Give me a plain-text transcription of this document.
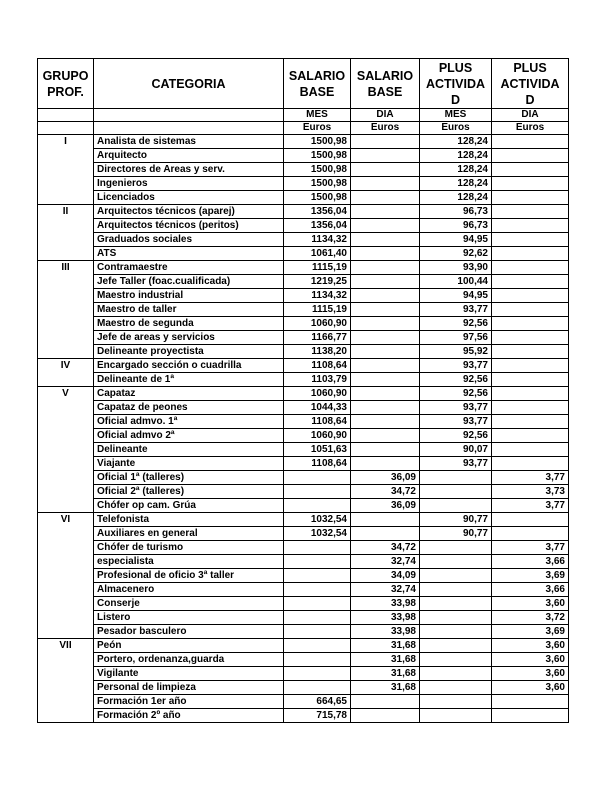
GRUPO PROF.	CATEGORIA	SALARIO BASE	SALARIO BASE	PLUS ACTIVIDA D	PLUS ACTIVIDA D
		MES	DIA	MES	DIA
		Euros	Euros	Euros	Euros
I	Analista de sistemas	1500,98		128,24	
	Arquitecto	1500,98		128,24	
	Directores de Areas y serv.	1500,98		128,24	
	Ingenieros	1500,98		128,24	
	Licenciados	1500,98		128,24	
II	Arquitectos técnicos (aparej)	1356,04		96,73	
	Arquitectos técnicos (peritos)	1356,04		96,73	
	Graduados sociales	1134,32		94,95	
	ATS	1061,40		92,62	
III	Contramaestre	1115,19		93,90	
	Jefe Taller (foac.cualificada)	1219,25		100,44	
	Maestro industrial	1134,32		94,95	
	Maestro de taller	1115,19		93,77	
	Maestro de segunda	1060,90		92,56	
	Jefe de areas y servicios	1166,77		97,56	
	Delineante proyectista	1138,20		95,92	
IV	Encargado sección o cuadrilla	1108,64		93,77	
	Delineante de 1ª	1103,79		92,56	
V	Capataz	1060,90		92,56	
	Capataz de peones	1044,33		93,77	
	Oficial admvo. 1ª	1108,64		93,77	
	Oficial admvo 2ª	1060,90		92,56	
	Delineante	1051,63		90,07	
	Viajante	1108,64		93,77	
	Oficial 1ª (talleres)		36,09		3,77
	Oficial 2ª (talleres)		34,72		3,73
	Chófer op cam. Grúa		36,09		3,77
VI	Telefonista	1032,54		90,77	
	Auxiliares en general	1032,54		90,77	
	Chófer de turismo		34,72		3,77
	especialista		32,74		3,66
	Profesional de oficio 3ª taller		34,09		3,69
	Almacenero		32,74		3,66
	Conserje		33,98		3,60
	Listero		33,98		3,72
	Pesador basculero		33,98		3,69
VII	Peón		31,68		3,60
	Portero, ordenanza,guarda		31,68		3,60
	Vigilante		31,68		3,60
	Personal de limpieza		31,68		3,60
	Formación 1er año	664,65			
	Formación 2º año	715,78			
